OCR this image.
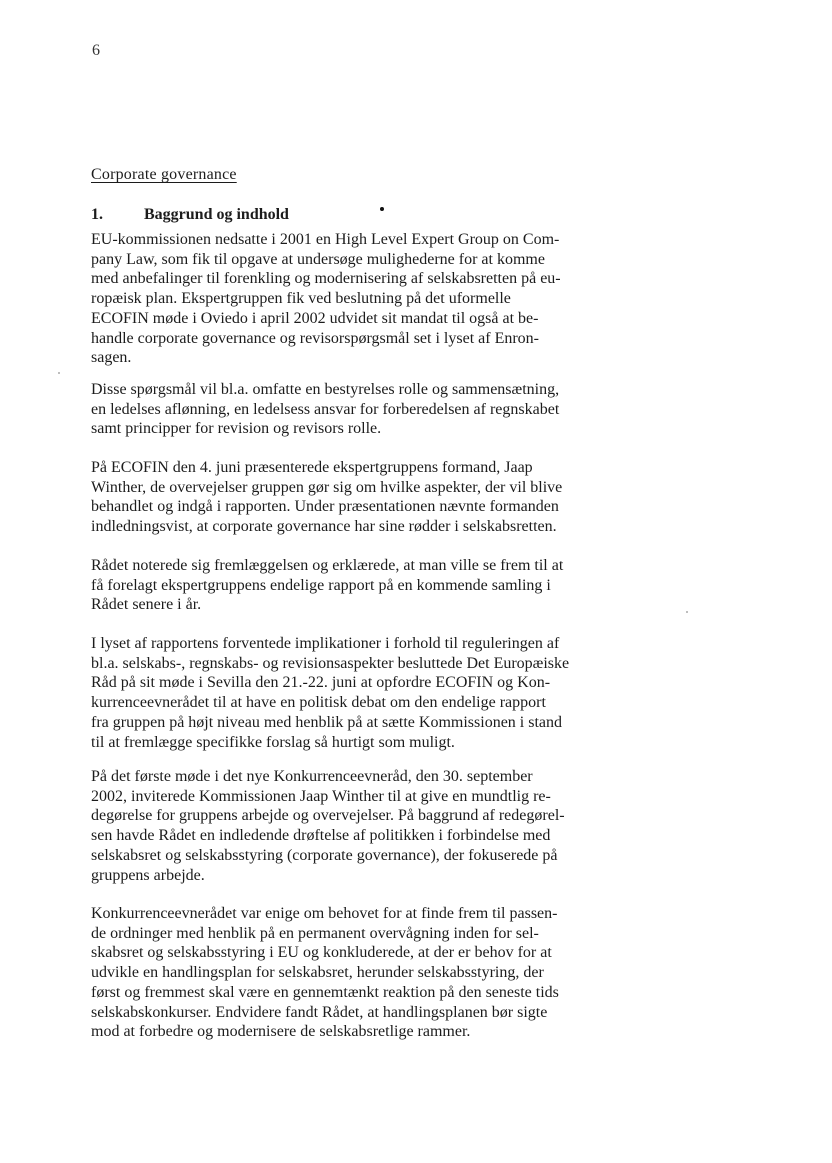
6
Corporate governance
1.	Baggrund og indhold

EU-kommissionen nedsatte i 2001 en High Level Expert Group on Com-
pany Law, som fik til opgave at undersøge mulighederne for at komme
med anbefalinger til forenkling og modernisering af selskabsretten på eu-
ropæisk plan. Ekspertgruppen fik ved beslutning på det uformelle
ECOFIN møde i Oviedo i april 2002 udvidet sit mandat til også at be-
handle corporate governance og revisorspørgsmål set i lyset af Enron-
sagen.

Disse spørgsmål vil bl.a. omfatte en bestyrelses rolle og sammensætning,
en ledelses aflønning, en ledelsess ansvar for forberedelsen af regnskabet
samt principper for revision og revisors rolle.

På ECOFIN den 4. juni præsenterede ekspertgruppens formand, Jaap
Winther, de overvejelser gruppen gør sig om hvilke aspekter, der vil blive
behandlet og indgå i rapporten. Under præsentationen nævnte formanden
indledningsvist, at corporate governance har sine rødder i selskabsretten.

Rådet noterede sig fremlæggelsen og erklærede, at man ville se frem til at
få forelagt ekspertgruppens endelige rapport på en kommende samling i
Rådet senere i år.

I lyset af rapportens forventede implikationer i forhold til reguleringen af
bl.a. selskabs-, regnskabs- og revisionsaspekter besluttede Det Europæiske
Råd på sit møde i Sevilla den 21.-22. juni at opfordre ECOFIN og Kon-
kurrenceevnerådet til at have en politisk debat om den endelige rapport
fra gruppen på højt niveau med henblik på at sætte Kommissionen i stand
til at fremlægge specifikke forslag så hurtigt som muligt.

På det første møde i det nye Konkurrenceevneråd, den 30. september
2002, inviterede Kommissionen Jaap Winther til at give en mundtlig re-
degørelse for gruppens arbejde og overvejelser. På baggrund af redegørel-
sen havde Rådet en indledende drøftelse af politikken i forbindelse med
selskabsret og selskabsstyring (corporate governance), der fokuserede på
gruppens arbejde.

Konkurrenceevnerådet var enige om behovet for at finde frem til passen-
de ordninger med henblik på en permanent overvågning inden for sel-
skabsret og selskabsstyring i EU og konkluderede, at der er behov for at
udvikle en handlingsplan for selskabsret, herunder selskabsstyring, der
først og fremmest skal være en gennemtænkt reaktion på den seneste tids
selskabskonkurser. Endvidere fandt Rådet, at handlingsplanen bør sigte
mod at forbedre og modernisere de selskabsretlige rammer.
